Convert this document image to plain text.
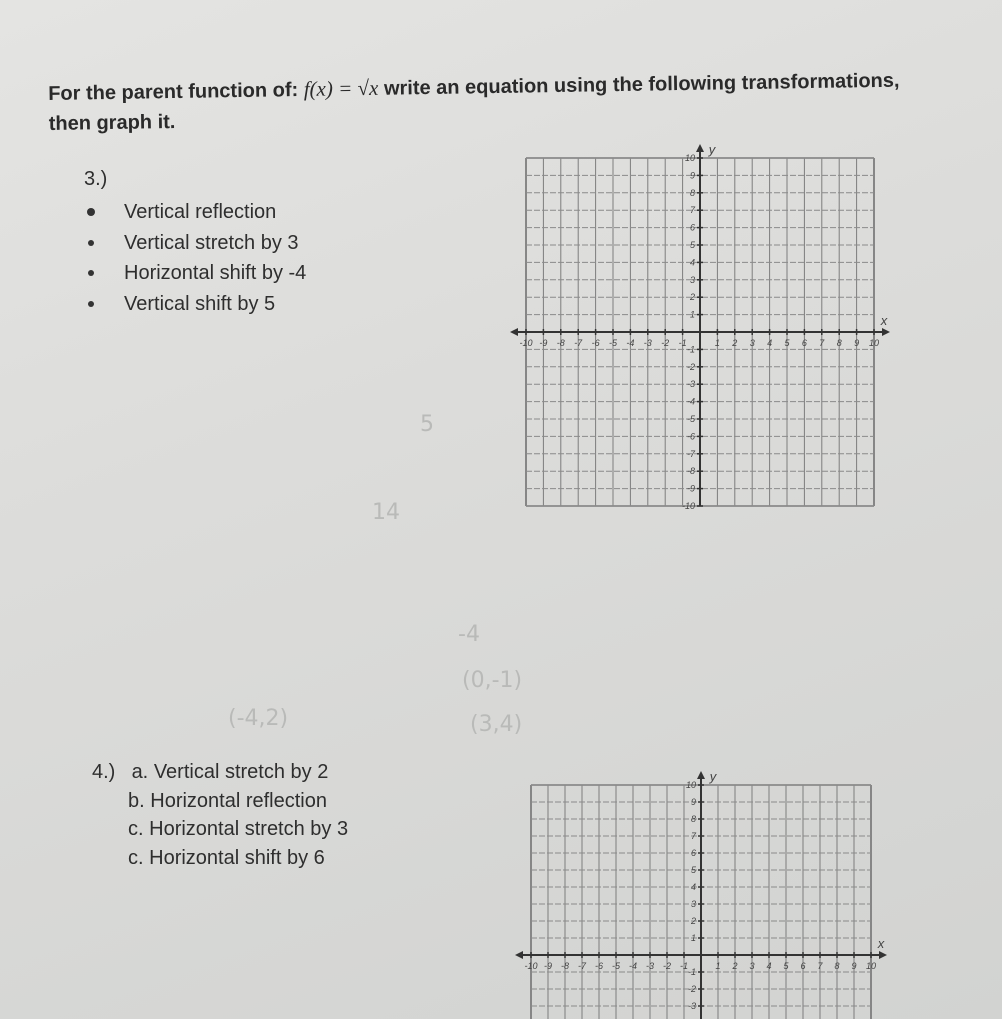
For the parent function of: f(x) = √x write an equation using the following transformations,
then graph it.
3.)
Vertical reflection
Vertical stretch by 3
Horizontal shift by -4
Vertical shift by 5
4.) a. Vertical stretch by 2
b. Horizontal reflection
c. Horizontal stretch by 3
c. Horizontal shift by 6
5
(0,-1)
(-4,2)	(3,4)
-4
14
-10 -9 -8 -7 -6 -5 -4 -3 -2 -1	1 2 3 4 5 6 7 8 9 10
10
9
8
7
6
5
4
3
2
1
-1
-2
-3
-4
-5
-6
-7
-8
-9
-10
y
x
-10 -9 -8 -7 -6 -5 -4 -3 -2 -1	1 2 3 4 5 6 7 8 9 10
10
9
8
7
6
5
4
3
2
1
-1
-2
-3
y
x
